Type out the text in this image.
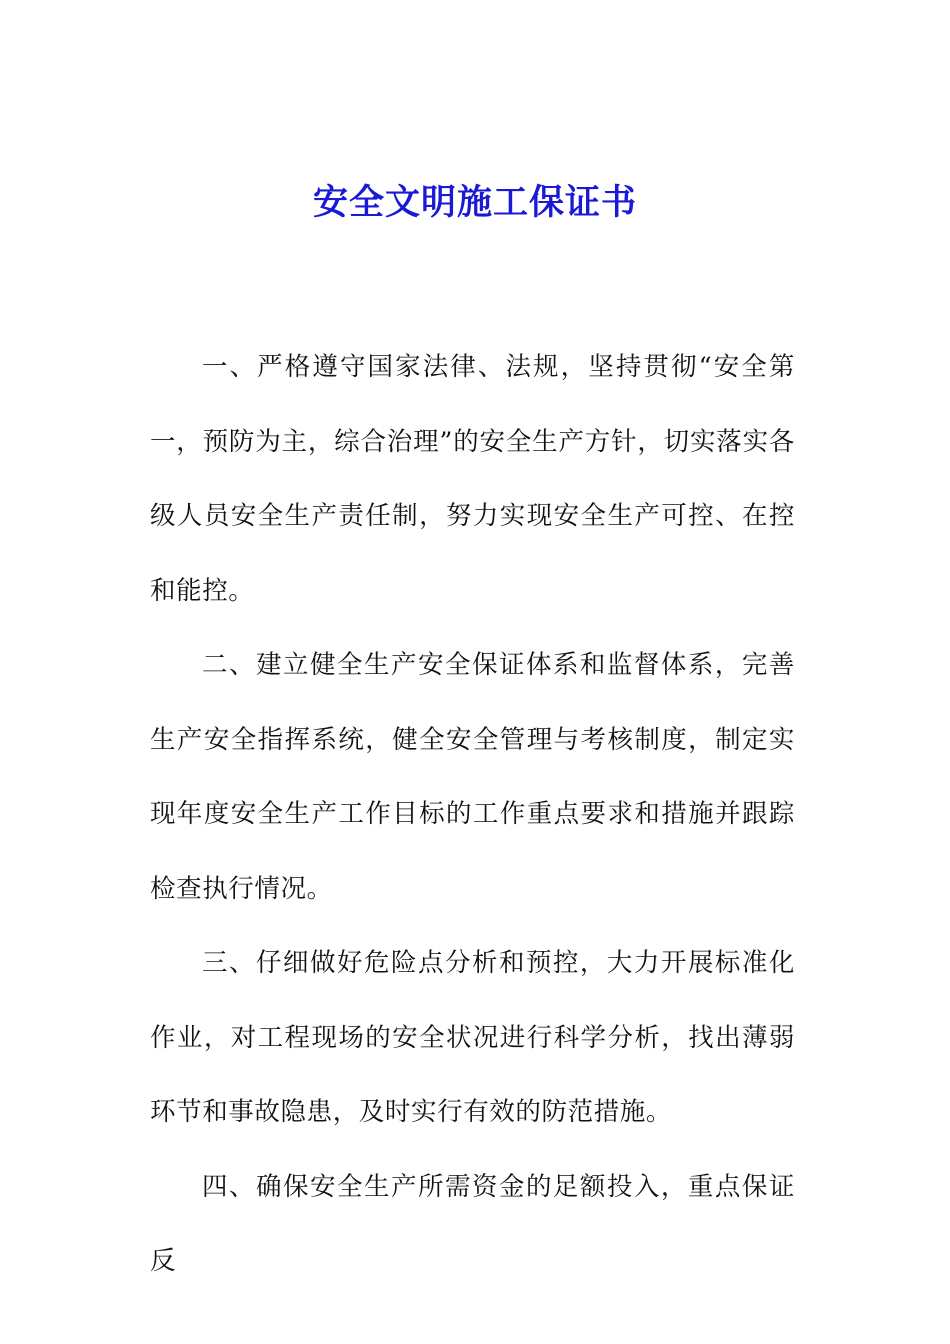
安全文明施工保证书

一、严格遵守国家法律、法规，坚持贯彻“安全第一，预防为主，综合治理”的安全生产方针，切实落实各级人员安全生产责任制，努力实现安全生产可控、在控和能控。

二、建立健全生产安全保证体系和监督体系，完善生产安全指挥系统，健全安全管理与考核制度，制定实现年度安全生产工作目标的工作重点要求和措施并跟踪检查执行情况。

三、仔细做好危险点分析和预控，大力开展标准化作业，对工程现场的安全状况进行科学分析，找出薄弱环节和事故隐患，及时实行有效的防范措施。

四、确保安全生产所需资金的足额投入，重点保证反
